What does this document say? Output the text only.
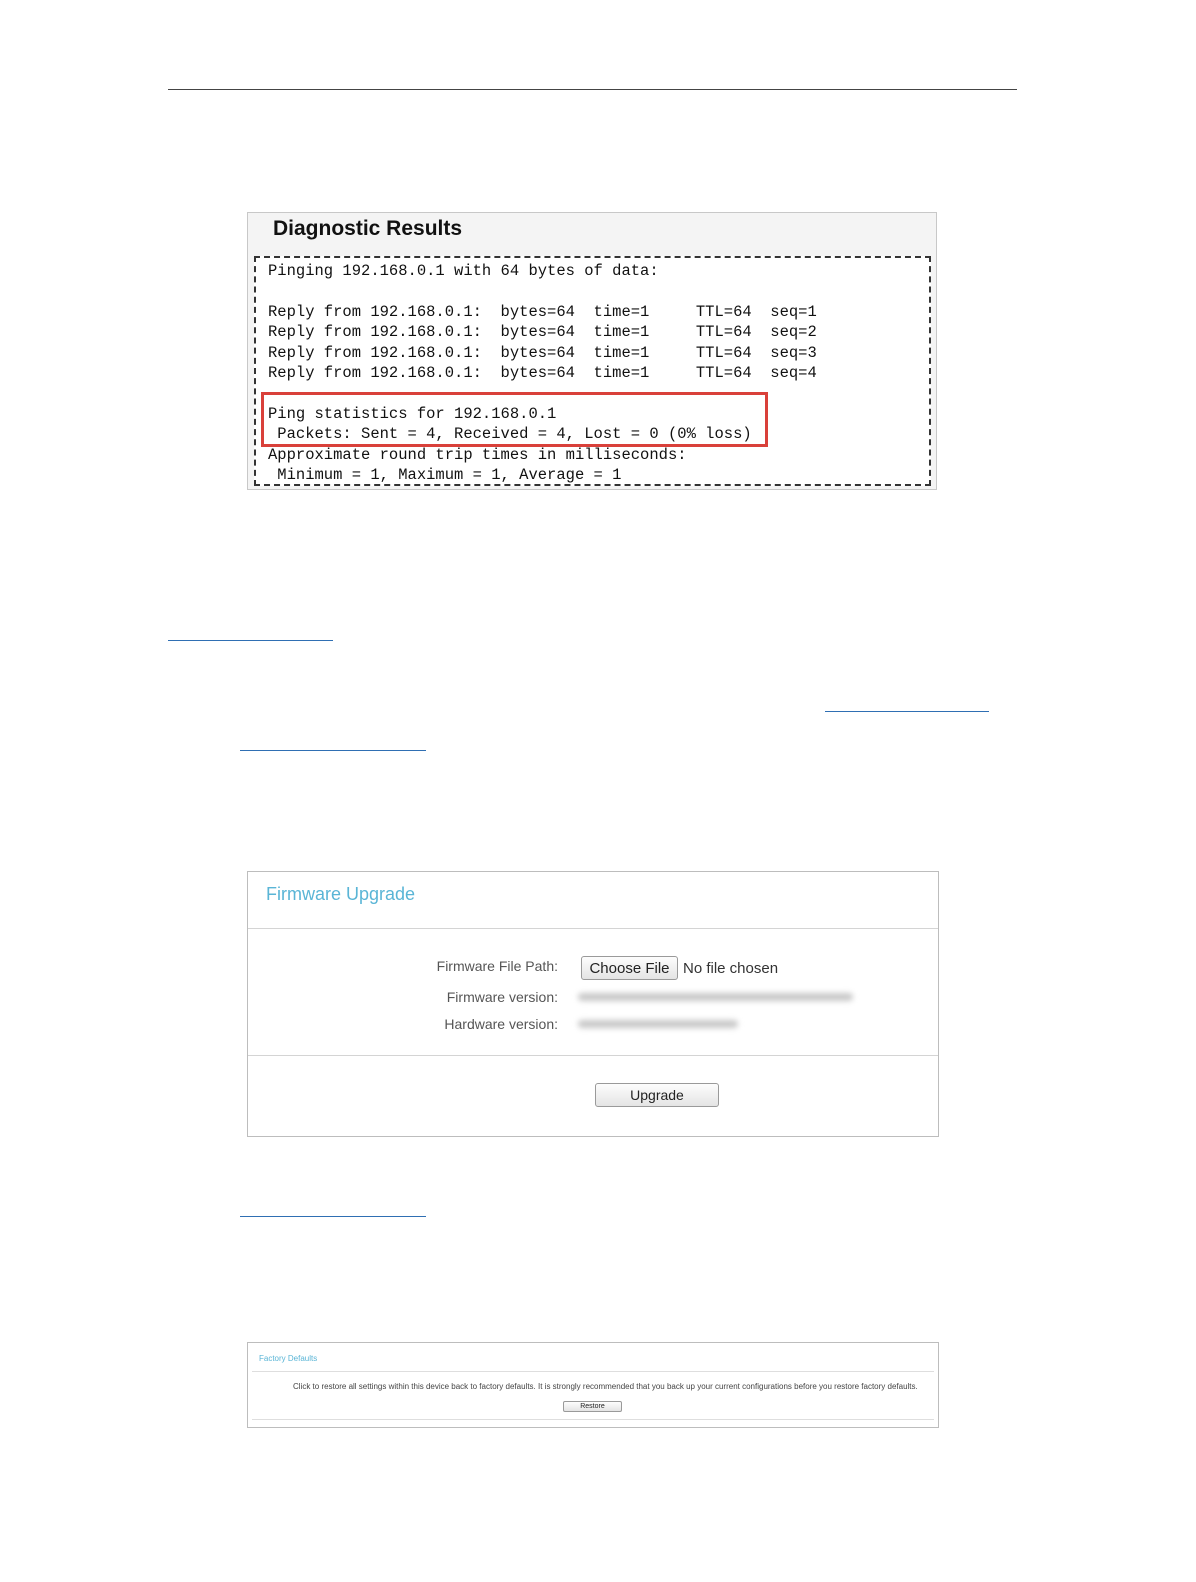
Diagnostic Results
Pinging 192.168.0.1 with 64 bytes of data:
Reply from 192.168.0.1:  bytes=64  time=1     TTL=64  seq=1
Reply from 192.168.0.1:  bytes=64  time=1     TTL=64  seq=2
Reply from 192.168.0.1:  bytes=64  time=1     TTL=64  seq=3
Reply from 192.168.0.1:  bytes=64  time=1     TTL=64  seq=4
Ping statistics for 192.168.0.1
Packets: Sent = 4, Received = 4, Lost = 0 (0% loss)
Approximate round trip times in milliseconds:
Minimum = 1, Maximum = 1, Average = 1
Firmware Upgrade
Firmware File Path:	Choose File No file chosen
Firmware version:
Hardware version:
Upgrade
Factory Defaults
Click to restore all settings within this device back to factory defaults. It is strongly recommended that you back up your current configurations before you restore factory defaults.
Restore
